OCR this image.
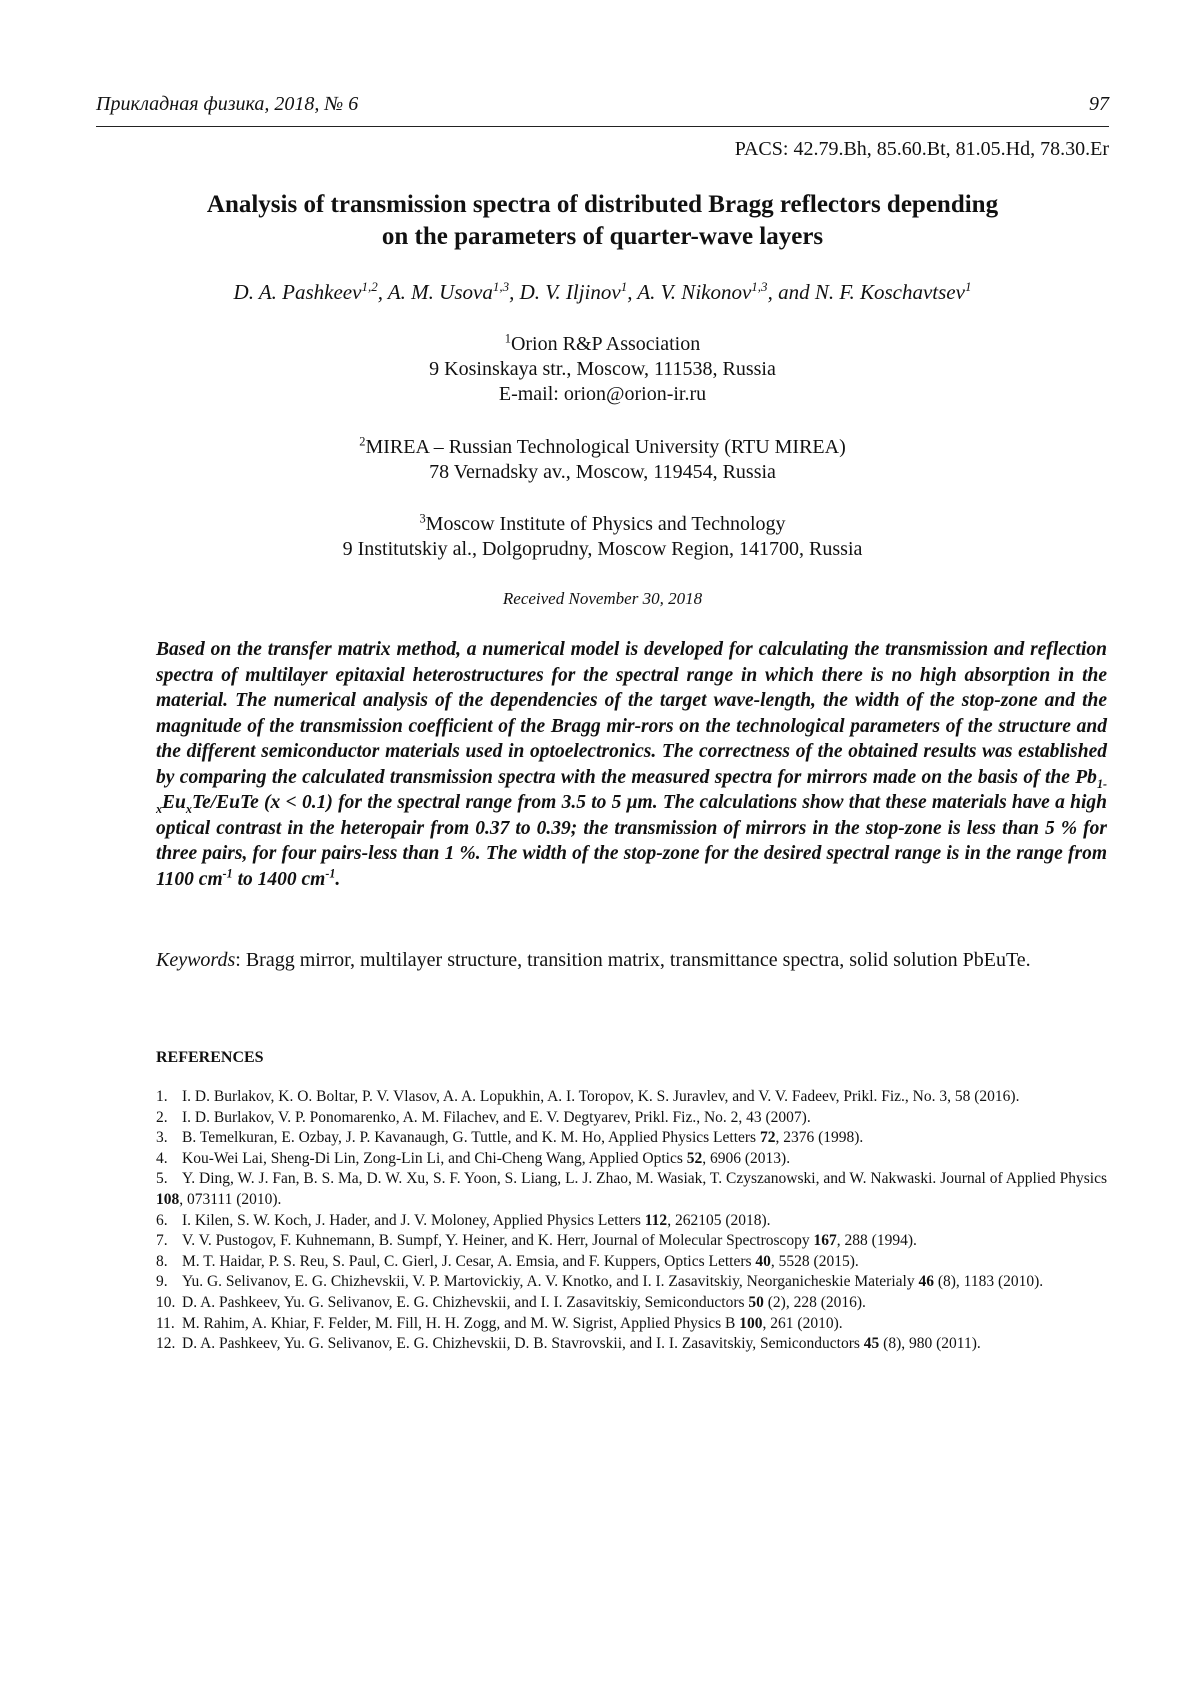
Прикладная физика, 2018, № 6	97
PACS: 42.79.Bh, 85.60.Bt, 81.05.Hd, 78.30.Er
Analysis of transmission spectra of distributed Bragg reflectors depending
on the parameters of quarter-wave layers
D. A. Pashkeev$^{1,2}$, A. M. Usova$^{1,3}$, D. V. Iljinov$^1$, A. V. Nikonov$^{1,3}$, and N. F. Koschavtsev$^1$
$^1$Orion R&P Association
9 Kosinskaya str., Moscow, 111538, Russia
E-mail: orion@orion-ir.ru
$^2$MIREA – Russian Technological University (RTU MIREA)
78 Vernadsky av., Moscow, 119454, Russia
$^3$Moscow Institute of Physics and Technology
9 Institutskiy al., Dolgoprudny, Moscow Region, 141700, Russia
Received November 30, 2018
Based on the transfer matrix method, a numerical model is developed for calculating the transmission and reflection spectra of multilayer epitaxial heterostructures for the spectral range in which there is no high absorption in the material. The numerical analysis of the dependencies of the target wave-length, the width of the stop-zone and the magnitude of the transmission coefficient of the Bragg mir-rors on the technological parameters of the structure and the different semiconductor materials used in optoelectronics. The correctness of the obtained results was established by comparing the calculated transmission spectra with the measured spectra for mirrors made on the basis of the $Pb_{1-x}Eu_xTe$/EuTe (x < 0.1) for the spectral range from 3.5 to 5 μm. The calculations show that these materials have a high optical contrast in the heteropair from 0.37 to 0.39; the transmission of mirrors in the stop-zone is less than 5 % for three pairs, for four pairs-less than 1 %. The width of the stop-zone for the desired spectral range is in the range from 1100 $cm^{-1}$ to 1400 $cm^{-1}$.
Keywords: Bragg mirror, multilayer structure, transition matrix, transmittance spectra, solid solution PbEuTe.
REFERENCES
1. I. D. Burlakov, K. O. Boltar, P. V. Vlasov, A. A. Lopukhin, A. I. Toropov, K. S. Juravlev, and V. V. Fadeev, Prikl. Fiz., No. 3, 58 (2016).
2. I. D. Burlakov, V. P. Ponomarenko, A. M. Filachev, and E. V. Degtyarev, Prikl. Fiz., No. 2, 43 (2007).
3. B. Temelkuran, E. Ozbay, J. P. Kavanaugh, G. Tuttle, and K. M. Ho, Applied Physics Letters 72, 2376 (1998).
4. Kou-Wei Lai, Sheng-Di Lin, Zong-Lin Li, and Chi-Cheng Wang, Applied Optics 52, 6906 (2013).
5. Y. Ding, W. J. Fan, B. S. Ma, D. W. Xu, S. F. Yoon, S. Liang, L. J. Zhao, M. Wasiak, T. Czyszanowski, and W. Nakwaski. Journal of Applied Physics 108, 073111 (2010).
6. I. Kilen, S. W. Koch, J. Hader, and J. V. Moloney, Applied Physics Letters 112, 262105 (2018).
7. V. V. Pustogov, F. Kuhnemann, B. Sumpf, Y. Heiner, and K. Herr, Journal of Molecular Spectroscopy 167, 288 (1994).
8. M. T. Haidar, P. S. Reu, S. Paul, C. Gierl, J. Cesar, A. Emsia, and F. Kuppers, Optics Letters 40, 5528 (2015).
9. Yu. G. Selivanov, E. G. Chizhevskii, V. P. Martovickiy, A. V. Knotko, and I. I. Zasavitskiy, Neorganicheskie Materialy 46 (8), 1183 (2010).
10. D. A. Pashkeev, Yu. G. Selivanov, E. G. Chizhevskii, and I. I. Zasavitskiy, Semiconductors 50 (2), 228 (2016).
11. M. Rahim, A. Khiar, F. Felder, M. Fill, H. H. Zogg, and M. W. Sigrist, Applied Physics B 100, 261 (2010).
12. D. A. Pashkeev, Yu. G. Selivanov, E. G. Chizhevskii, D. B. Stavrovskii, and I. I. Zasavitskiy, Semiconductors 45 (8), 980 (2011).
